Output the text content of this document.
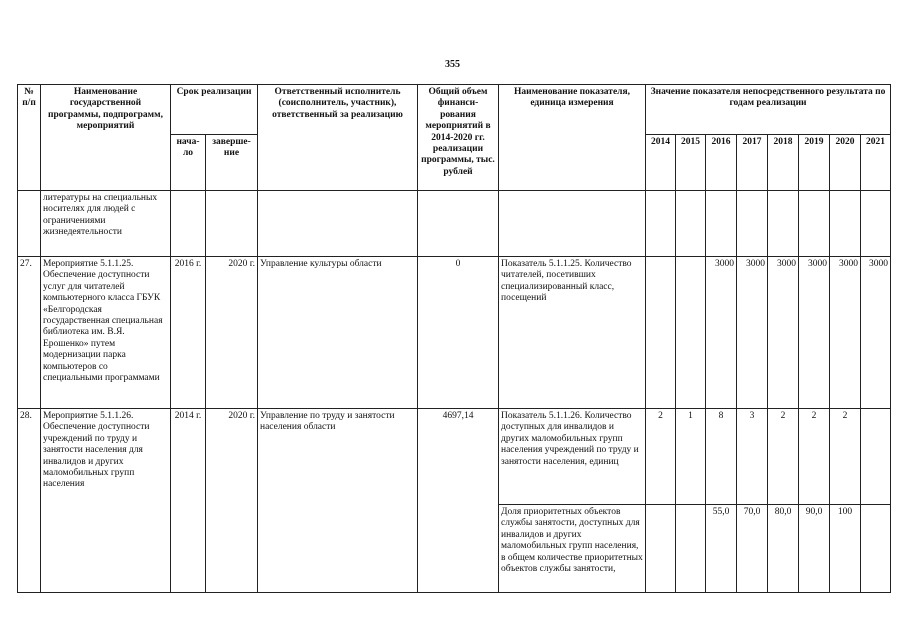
355
№ п/п	Наименование государственной программы, подпрограмм, мероприятий	Срок реализации		Ответственный исполнитель (соисполнитель, участник), ответственный за реализацию	Общий объем финанси-рования мероприятий в 2014-2020 гг. реализации программы, тыс. рублей	Наименование показателя, единица измерения	Значение показателя непосредственного результата по годам реализации							
		нача-ло	заверше-ние				2014	2015	2016	2017	2018	2019	2020	2021
	литературы на специальных носителях для людей с ограничениями жизнедеятельности													
27.	Мероприятие 5.1.1.25. Обеспечение доступности услуг для читателей компьютерного класса ГБУК «Белгородская государственная специальная библиотека им. В.Я. Ерошенко» путем модернизации парка компьютеров со специальными программами	2016 г.	2020 г.	Управление культуры области	0	Показатель 5.1.1.25. Количество читателей, посетивших специализированный класс, посещений			3000	3000	3000	3000	3000	3000
28.	Мероприятие 5.1.1.26. Обеспечение доступности учреждений по труду и занятости населения для инвалидов и других маломобильных групп населения	2014 г.	2020 г.	Управление по труду и занятости населения области	4697,14	Показатель 5.1.1.26. Количество доступных для инвалидов и других маломобильных групп населения учреждений по труду и занятости населения, единиц	2	1	8	3	2	2	2	
						Доля приоритетных объектов службы занятости, доступных для инвалидов и других маломобильных групп населения, в общем количестве приоритетных объектов службы занятости,			55,0	70,0	80,0	90,0	100	
